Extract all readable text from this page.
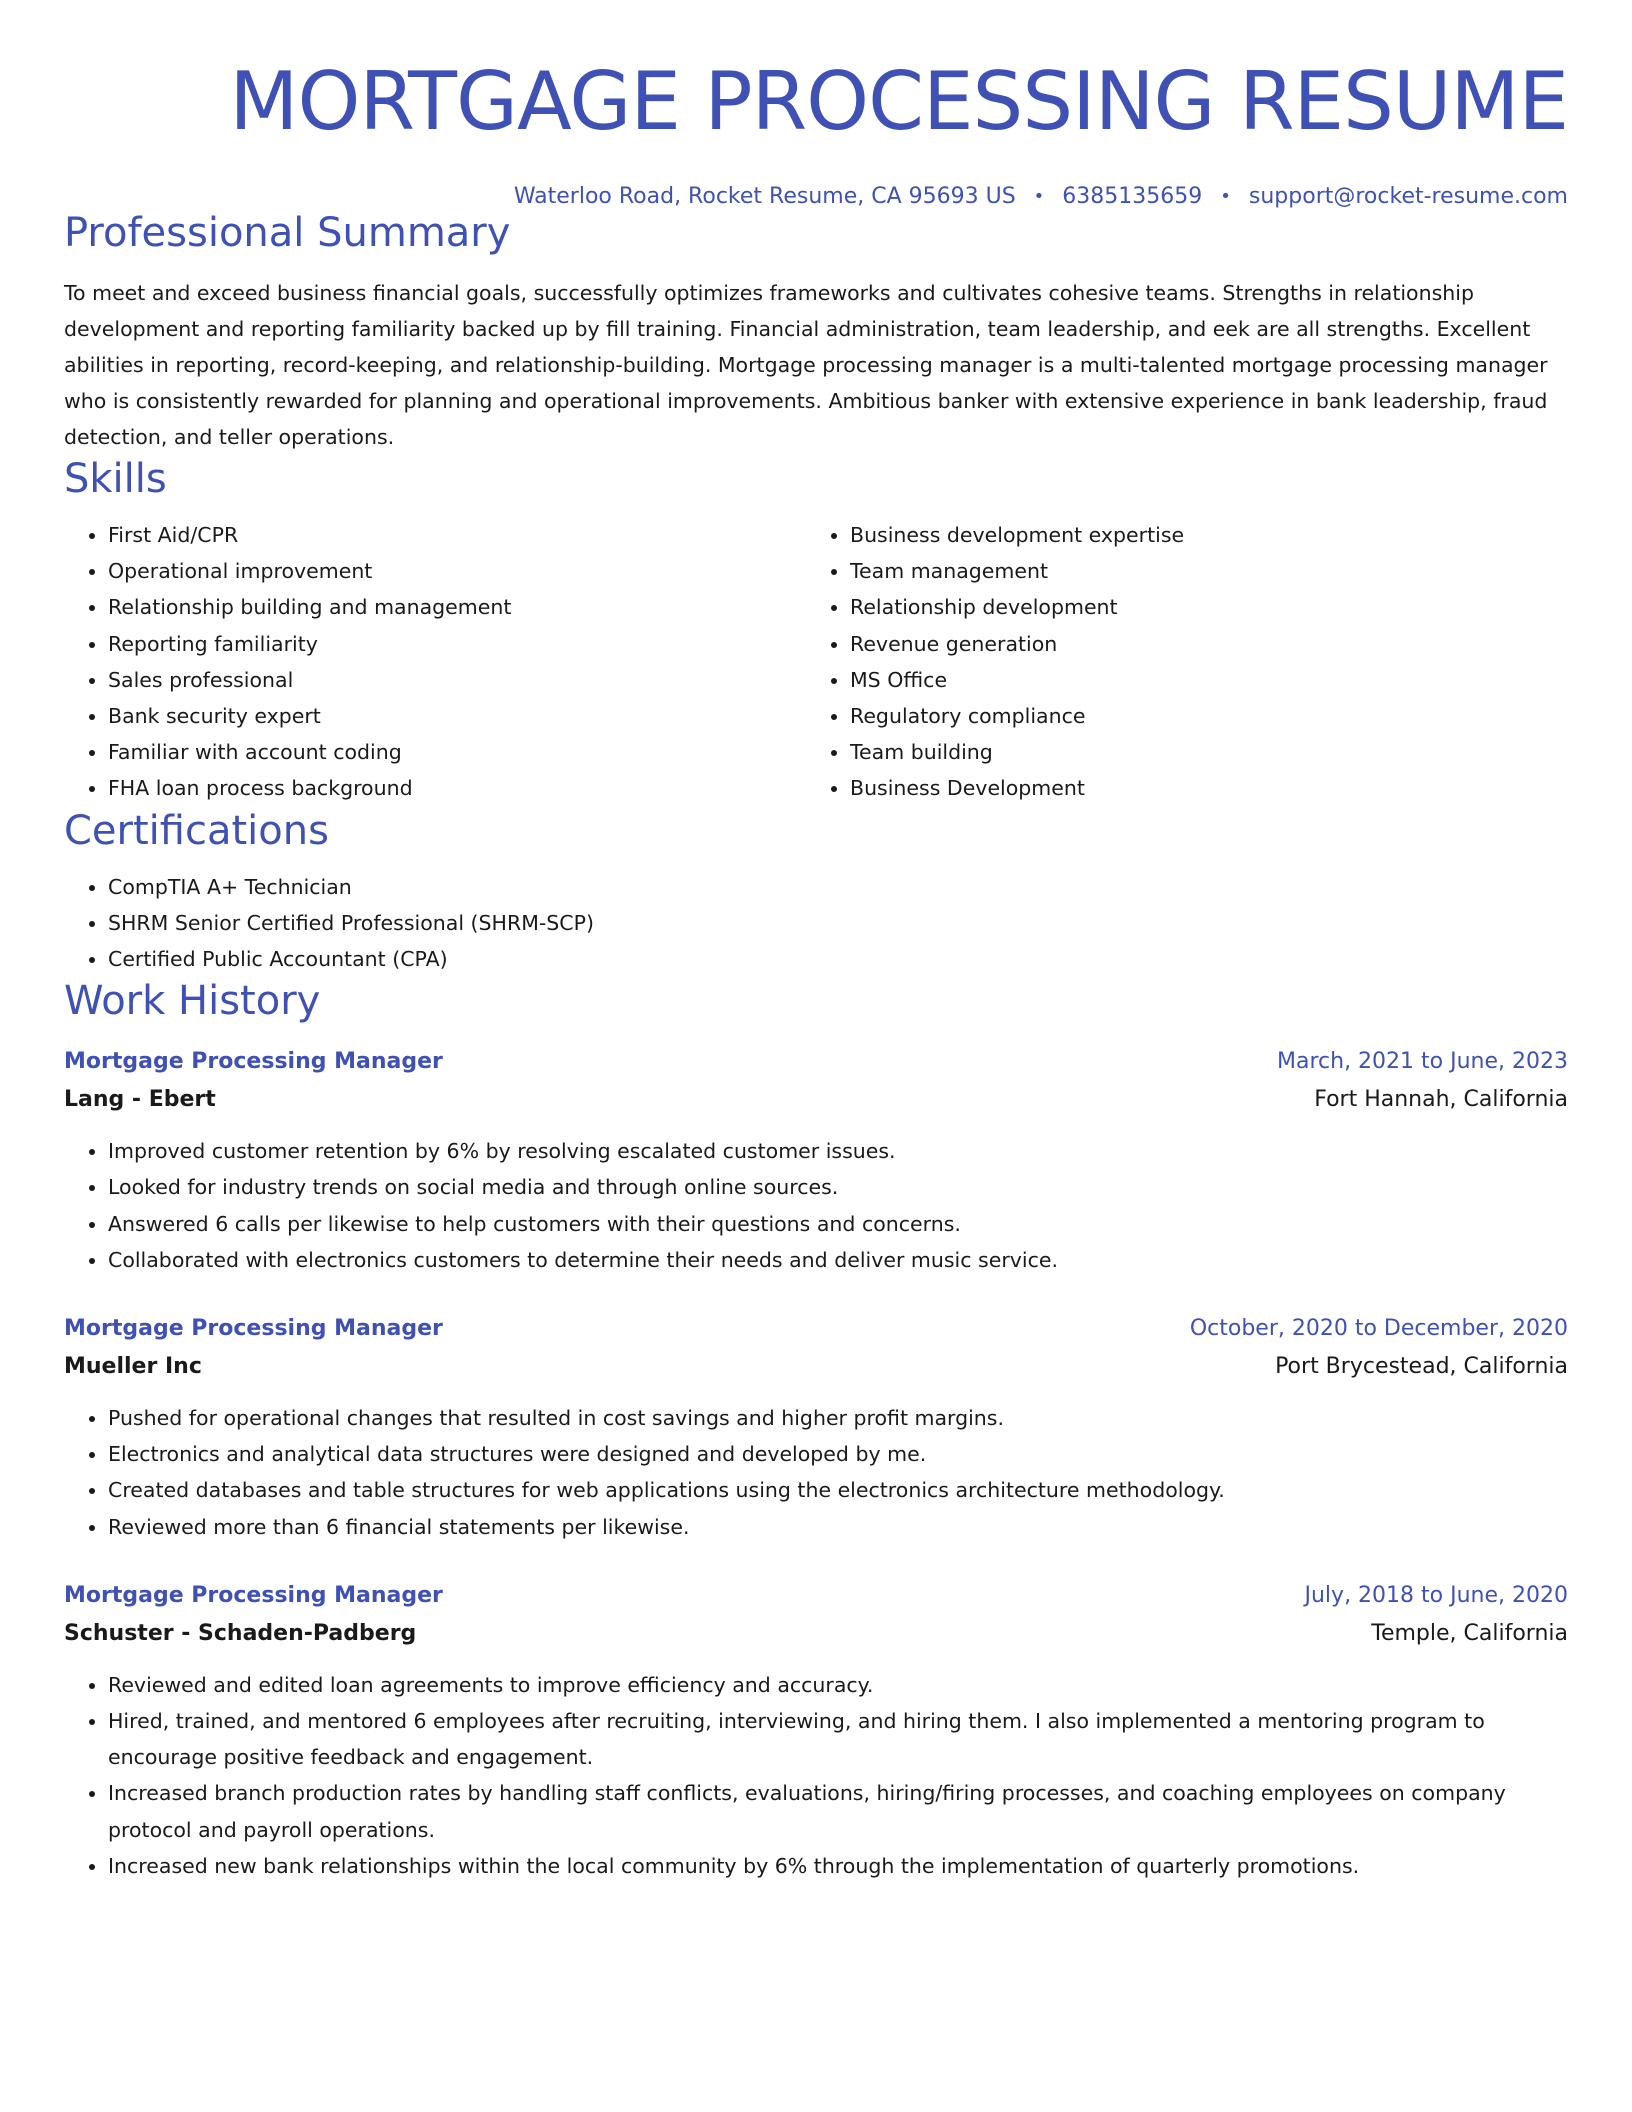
MORTGAGE PROCESSING RESUME
Waterloo Road, Rocket Resume, CA 95693 US • 6385135659 • support@rocket-resume.com
Professional Summary

To meet and exceed business financial goals, successfully optimizes frameworks and cultivates cohesive teams. Strengths in relationship development and reporting familiarity backed up by fill training. Financial administration, team leadership, and eek are all strengths. Excellent abilities in reporting, record-keeping, and relationship-building. Mortgage processing manager is a multi-talented mortgage processing manager who is consistently rewarded for planning and operational improvements. Ambitious banker with extensive experience in bank leadership, fraud detection, and teller operations.

Skills
• First Aid/CPR
• Operational improvement
• Relationship building and management
• Reporting familiarity
• Sales professional
• Bank security expert
• Familiar with account coding
• FHA loan process background
• Business development expertise
• Team management
• Relationship development
• Revenue generation
• MS Office
• Regulatory compliance
• Team building
• Business Development
Certifications
• CompTIA A+ Technician
• SHRM Senior Certified Professional (SHRM-SCP)
• Certified Public Accountant (CPA)
Work History
Mortgage Processing Manager	March, 2021 to June, 2023
Lang - Ebert	Fort Hannah, California
• Improved customer retention by 6% by resolving escalated customer issues.
• Looked for industry trends on social media and through online sources.
• Answered 6 calls per likewise to help customers with their questions and concerns.
• Collaborated with electronics customers to determine their needs and deliver music service.
Mortgage Processing Manager	October, 2020 to December, 2020
Mueller Inc	Port Brycestead, California
• Pushed for operational changes that resulted in cost savings and higher profit margins.
• Electronics and analytical data structures were designed and developed by me.
• Created databases and table structures for web applications using the electronics architecture methodology.
• Reviewed more than 6 financial statements per likewise.
Mortgage Processing Manager	July, 2018 to June, 2020
Schuster - Schaden-Padberg	Temple, California
• Reviewed and edited loan agreements to improve efficiency and accuracy.
• Hired, trained, and mentored 6 employees after recruiting, interviewing, and hiring them. I also implemented a mentoring program to encourage positive feedback and engagement.
• Increased branch production rates by handling staff conflicts, evaluations, hiring/firing processes, and coaching employees on company protocol and payroll operations.
• Increased new bank relationships within the local community by 6% through the implementation of quarterly promotions.
